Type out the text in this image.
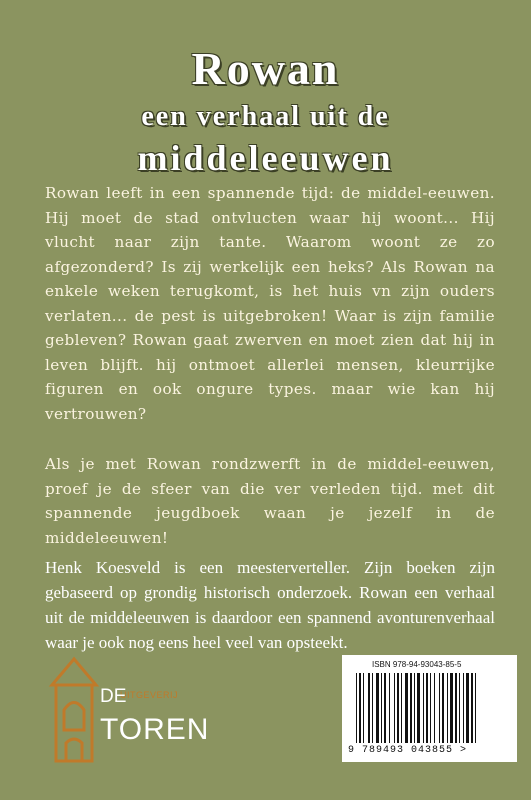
Rowan
een verhaal uit de
middeleeuwen

Rowan leeft in een spannende tijd: de middel-eeuwen. Hij moet de stad ontvlucten waar hij woont... Hij vlucht naar zijn tante. Waarom woont ze zo afgezonderd? Is zij werkelijk een heks? Als Rowan na enkele weken terugkomt, is het huis vn zijn ouders verlaten... de pest is uitgebroken! Waar is zijn familie gebleven? Rowan gaat zwerven en moet zien dat hij in leven blijft. hij ontmoet allerlei mensen, kleurrijke figuren en ook ongure types. maar wie kan hij vertrouwen?

Als je met Rowan rondzwerft in de middel-eeuwen, proef je de sfeer van die ver verleden tijd. met dit spannende jeugdboek waan je jezelf in de middeleeuwen!

Henk Koesveld is een meesterverteller. Zijn boeken zijn gebaseerd op grondig historisch onderzoek. Rowan een verhaal uit de middeleeuwen is daardoor een spannend avonturenverhaal waar je ook nog eens heel veel van opsteekt.

UITGEVERIJ
DE
TOREN
ISBN 978-94-93043-85-5
9 789493 043855 >
